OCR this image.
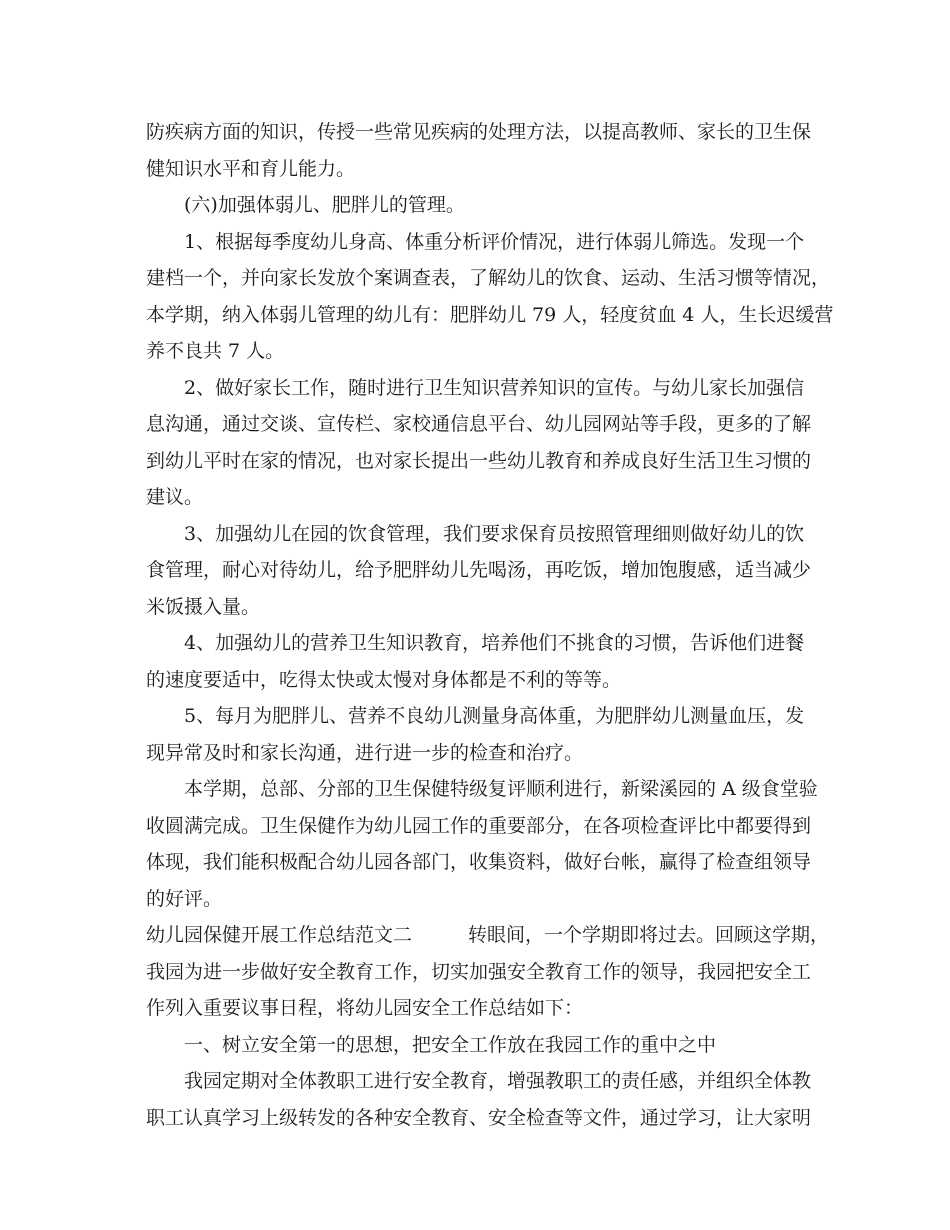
防疾病方面的知识，传授一些常见疾病的处理方法，以提高教师、家长的卫生保
健知识水平和育儿能力。
(六)加强体弱儿、肥胖儿的管理。
1、根据每季度幼儿身高、体重分析评价情况，进行体弱儿筛选。发现一个
建档一个，并向家长发放个案调查表，了解幼儿的饮食、运动、生活习惯等情况，
本学期，纳入体弱儿管理的幼儿有：肥胖幼儿 79 人，轻度贫血 4 人，生长迟缓营
养不良共 7 人。
2、做好家长工作，随时进行卫生知识营养知识的宣传。与幼儿家长加强信
息沟通，通过交谈、宣传栏、家校通信息平台、幼儿园网站等手段，更多的了解
到幼儿平时在家的情况，也对家长提出一些幼儿教育和养成良好生活卫生习惯的
建议。
3、加强幼儿在园的饮食管理，我们要求保育员按照管理细则做好幼儿的饮
食管理，耐心对待幼儿，给予肥胖幼儿先喝汤，再吃饭，增加饱腹感，适当减少
米饭摄入量。
4、加强幼儿的营养卫生知识教育，培养他们不挑食的习惯，告诉他们进餐
的速度要适中，吃得太快或太慢对身体都是不利的等等。
5、每月为肥胖儿、营养不良幼儿测量身高体重，为肥胖幼儿测量血压，发
现异常及时和家长沟通，进行进一步的检查和治疗。
本学期，总部、分部的卫生保健特级复评顺利进行，新梁溪园的 A 级食堂验
收圆满完成。卫生保健作为幼儿园工作的重要部分，在各项检查评比中都要得到
体现，我们能积极配合幼儿园各部门，收集资料，做好台帐，赢得了检查组领导
的好评。
幼儿园保健开展工作总结范文二	转眼间，一个学期即将过去。回顾这学期，
我园为进一步做好安全教育工作，切实加强安全教育工作的领导，我园把安全工
作列入重要议事日程，将幼儿园安全工作总结如下：
一、树立安全第一的思想，把安全工作放在我园工作的重中之中
我园定期对全体教职工进行安全教育，增强教职工的责任感，并组织全体教
职工认真学习上级转发的各种安全教育、安全检查等文件，通过学习，让大家明
